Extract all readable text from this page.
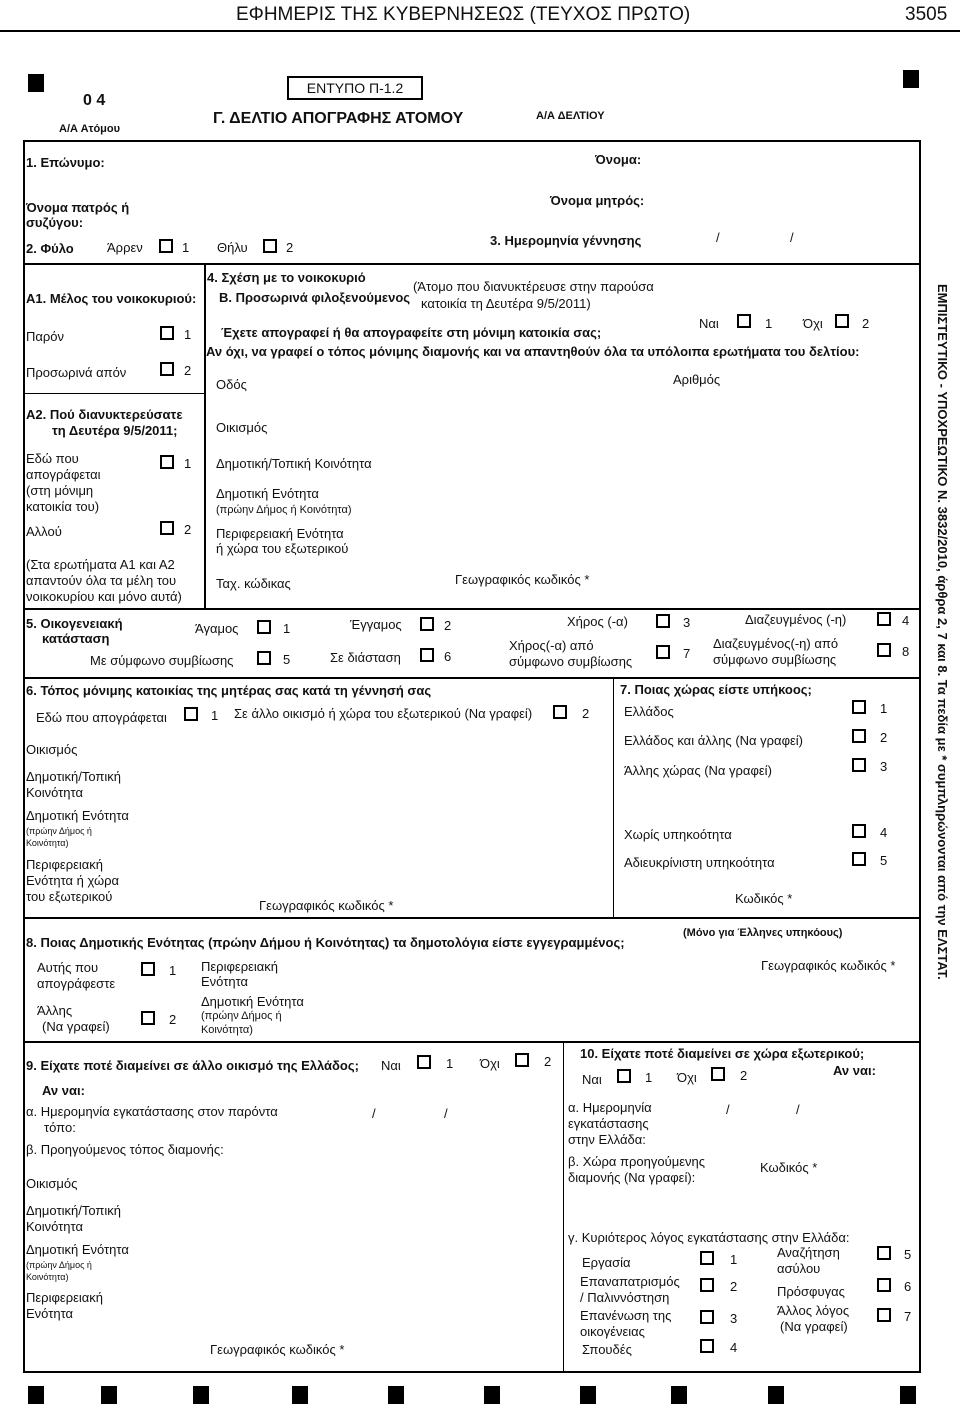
ΕΦΗΜΕΡΙΣ ΤΗΣ ΚΥΒΕΡΝΗΣΕΩΣ (ΤΕΥΧΟΣ ΠΡΩΤΟ)	3505
ΕΝΤΥΠΟ Π-1.2
0 4
Γ. ΔΕΛΤΙΟ ΑΠΟΓΡΑΦΗΣ ΑΤΟΜΟΥ	Α/Α ΔΕΛΤΙΟΥ
Α/Α Ατόμου
ΕΜΠΙΣΤΕΥΤΙΚΟ - ΥΠΟΧΡΕΩΤΙΚΟ Ν. 3832/2010, άρθρα 2, 7 και 8. Τα πεδία με * συμπληρώνονται από την ΕΛΣΤΑΤ.
1. Επώνυμο:	Όνομα:
Όνομα πατρός ή
συζύγου:
Όνομα μητρός:
2. Φύλο	Άρρεν	1 Θήλυ	2	3. Ημερομηνία γέννησης	/	/
Α1. Μέλος του νοικοκυριού:
Παρόν	1
Προσωρινά απόν	2
Α2. Πού διανυκτερεύσατε
τη Δευτέρα 9/5/2011;
Εδώ που
απογράφεται
(στη μόνιμη
κατοικία του)
1
Αλλού	2
(Στα ερωτήματα Α1 και Α2
απαντούν όλα τα μέλη του
νοικοκυρίου και μόνο αυτά)
4. Σχέση με το νοικοκυριό
Β. Προσωρινά φιλοξενούμενος
(Άτομο που διανυκτέρευσε στην παρούσα
κατοικία τη Δευτέρα 9/5/2011)
Έχετε απογραφεί ή θα απογραφείτε στη μόνιμη κατοικία σας;
Ναι	1 Όχι	2
Αν όχι, να γραφεί ο τόπος μόνιμης διαμονής και να απαντηθούν όλα τα υπόλοιπα ερωτήματα του δελτίου:
Οδός	Αριθμός
Οικισμός
Δημοτική/Τοπική Κοινότητα
Δημοτική Ενότητα
(πρώην Δήμος ή Κοινότητα)
Περιφερειακή Ενότητα
ή χώρα του εξωτερικού
Ταχ. κώδικας	Γεωγραφικός κωδικός *
5. Οικογενειακή
κατάσταση
Άγαμος	1	Έγγαμος	2	Χήρος (-α)	3	Διαζευγμένος (-η)	4
Με σύμφωνο συμβίωσης	5	Σε διάσταση	6
Χήρος(-α) από
σύμφωνο συμβίωσης
7
Διαζευγμένος(-η) από
σύμφωνο συμβίωσης
8
6. Τόπος μόνιμης κατοικίας της μητέρας σας κατά τη γέννησή σας
Εδώ που απογράφεται	1 Σε άλλο οικισμό ή χώρα του εξωτερικού (Να γραφεί)	2
Οικισμός
Δημοτική/Τοπική
Κοινότητα
Δημοτική Ενότητα
(πρώην Δήμος ή
Κοινότητα)
Περιφερειακή
Ενότητα ή χώρα
του εξωτερικού
Γεωγραφικός κωδικός *
7. Ποιας χώρας είστε υπήκοος;
Ελλάδος	1
Ελλάδος και άλλης (Να γραφεί)	2
Άλλης χώρας (Να γραφεί)	3
Χωρίς υπηκοότητα	4
Αδιευκρίνιστη υπηκοότητα	5
Κωδικός *
8. Ποιας Δημοτικής Ενότητας (πρώην Δήμου ή Κοινότητας) τα δημοτολόγια είστε εγγεγραμμένος;
(Μόνο για Έλληνες υπηκόους)
Αυτής που
απογράφεστε
1
Άλλης
(Να γραφεί)	2
Περιφερειακή
Ενότητα
Δημοτική Ενότητα
(πρώην Δήμος ή
Κοινότητα)
Γεωγραφικός κωδικός *
9. Είχατε ποτέ διαμείνει σε άλλο οικισμό της Ελλάδος; Ναι	1 Όχι	2
Αν ναι:
α. Ημερομηνία εγκατάστασης στον παρόντα
τόπο:
/	/
β. Προηγούμενος τόπος διαμονής:
Οικισμός
Δημοτική/Τοπική
Κοινότητα
Δημοτική Ενότητα
(πρώην Δήμος ή
Κοινότητα)
Περιφερειακή
Ενότητα
Γεωγραφικός κωδικός *
10. Είχατε ποτέ διαμείνει σε χώρα εξωτερικού;
Ναι	1 Όχι	2	Αν ναι:
α. Ημερομηνία
εγκατάστασης
στην Ελλάδα:
/	/
β. Χώρα προηγούμενης
διαμονής (Να γραφεί):
Κωδικός *
γ. Κυριότερος λόγος εγκατάστασης στην Ελλάδα:
Εργασία	1
Επαναπατρισμός
/ Παλιννόστηση
2
Επανένωση της
οικογένειας
3
Σπουδές	4
Αναζήτηση
ασύλου
5
Πρόσφυγας	6
Άλλος λόγος
(Να γραφεί)
7
